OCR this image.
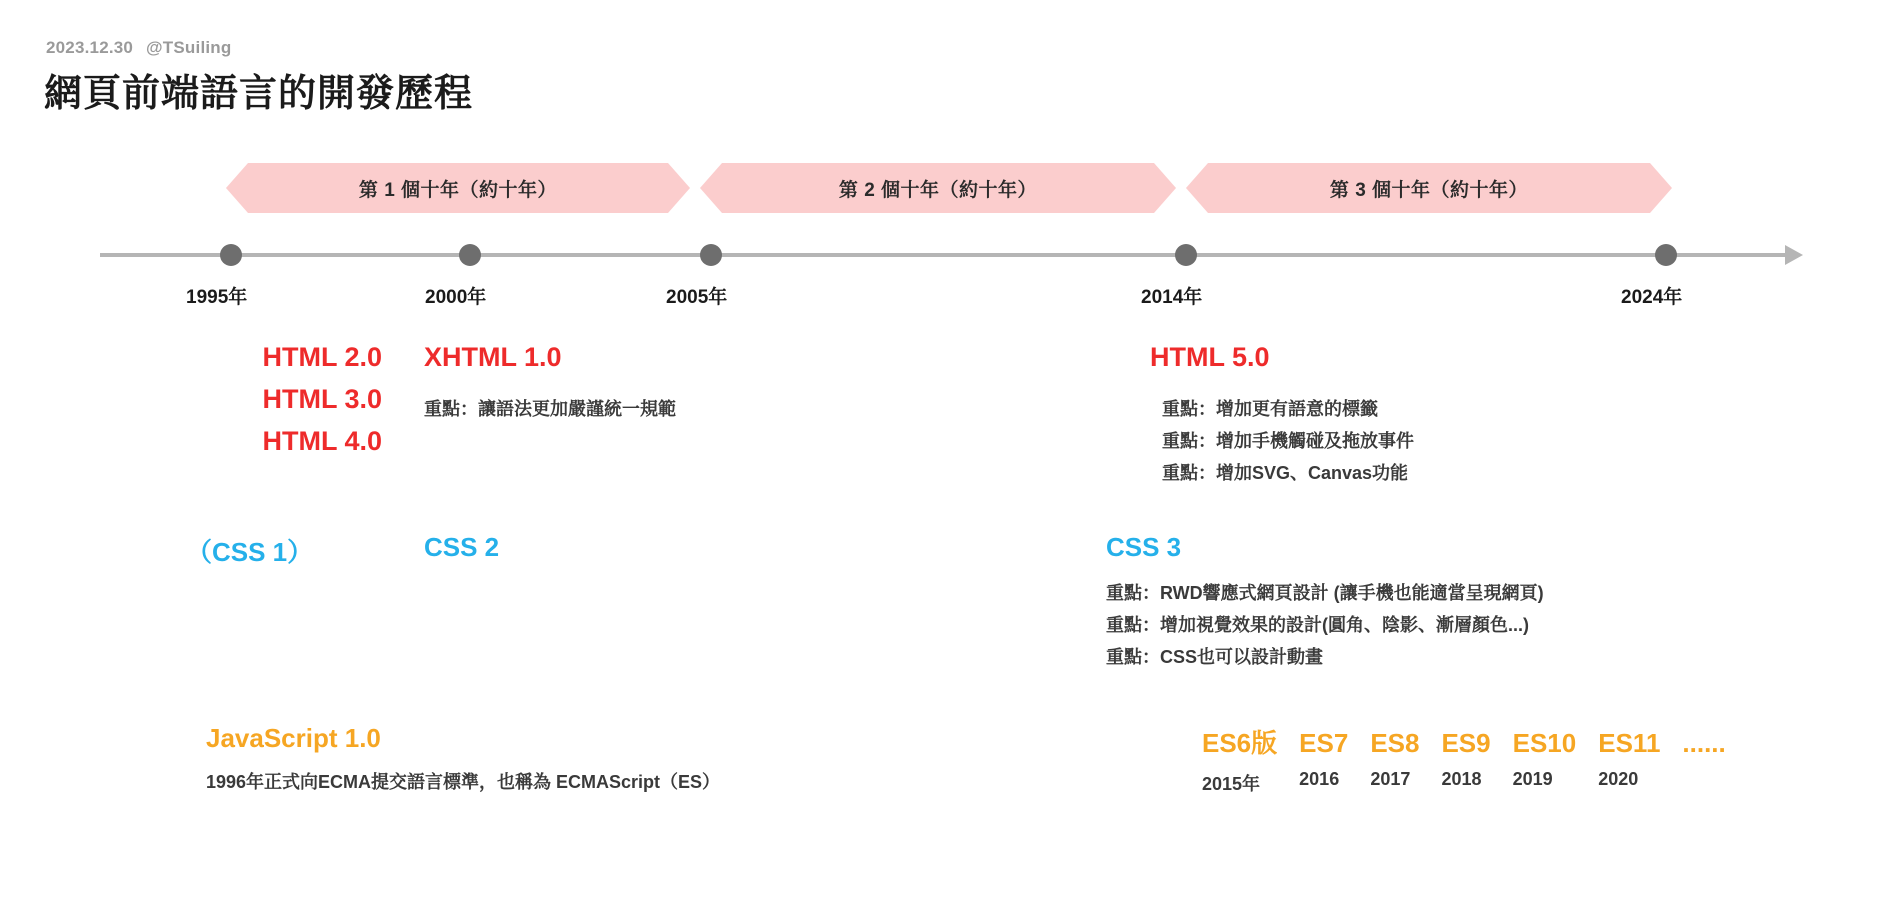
2023.12.30 @TSuiling
網頁前端語言的開發歷程
第 1 個十年（約十年）	第 2 個十年（約十年）	第 3 個十年（約十年）
1995年	2000年	2005年	2014年	2024年
HTML 2.0
HTML 3.0
HTML 4.0
XHTML 1.0
重點：讓語法更加嚴謹統一規範
HTML 5.0
重點：增加更有語意的標籤
重點：增加手機觸碰及拖放事件
重點：增加SVG、Canvas功能
（CSS 1）	CSS 2	CSS 3
重點：RWD響應式網頁設計 (讓手機也能適當呈現網頁)
重點：增加視覺效果的設計(圓角、陰影、漸層顏色...)
重點：CSS也可以設計動畫
JavaScript 1.0
1996年正式向ECMA提交語言標準，也稱為 ECMAScript（ES）
ES6版
2015年
ES7
2016
ES8
2017
ES9
2018
ES10
2019
ES11
2020
......
